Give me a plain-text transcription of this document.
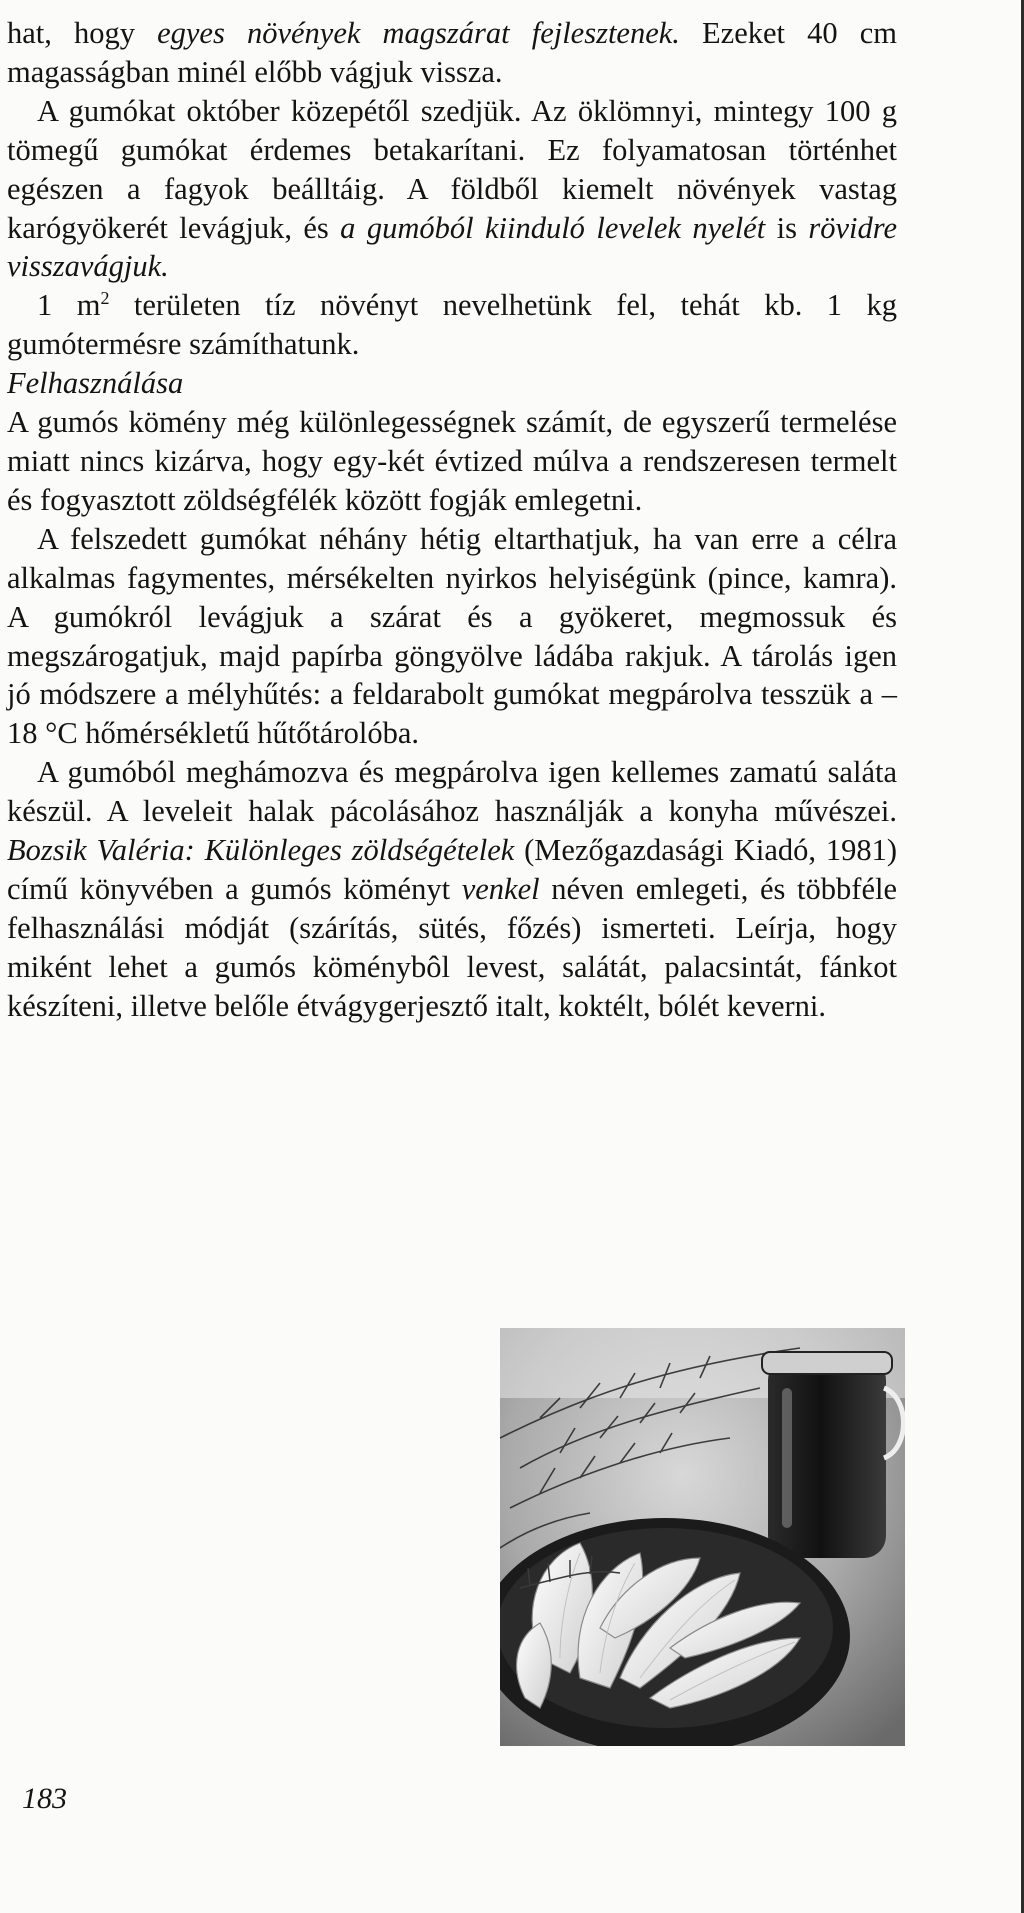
hat, hogy egyes növények magszárat fejlesztenek. Ezeket 40 cm magasságban minél előbb vágjuk vissza.

A gumókat október közepétől szedjük. Az öklömnyi, mintegy 100 g tömegű gumókat érdemes betakarítani. Ez folyamatosan történhet egészen a fagyok beálltáig. A földből kiemelt növények vastag karógyökerét levágjuk, és a gumóból kiinduló levelek nyelét is rövidre visszavágjuk.

1 $m^2$ területen tíz növényt nevelhetünk fel, tehát kb. 1 kg gumótermésre számíthatunk.

Felhasználása

A gumós kömény még különlegességnek számít, de egyszerű termelése miatt nincs kizárva, hogy egy-két évtized múlva a rendszeresen termelt és fogyasztott zöldségfélék között fogják emlegetni.

A felszedett gumókat néhány hétig eltarthatjuk, ha van erre a célra alkalmas fagymentes, mérsékelten nyirkos helyiségünk (pince, kamra). A gumókról levágjuk a szárat és a gyökeret, megmossuk és megszárogatjuk, majd papírba göngyölve ládába rakjuk. A tárolás igen jó módszere a mélyhűtés: a feldarabolt gumókat megpárolva tesszük a – 18 °C hőmérsékletű hűtőtárolóba.

A gumóból meghámozva és megpárolva igen kellemes zamatú saláta készül. A leveleit halak pácolásához használják a konyha művészei. Bozsik Valéria: Különleges zöldségételek (Mezőgazdasági Kiadó, 1981) című könyvében a gumós köményt venkel néven emlegeti, és többféle felhasználási módját (szárítás, sütés, főzés) ismerteti. Leírja, hogy miként lehet a gumós köménybôl levest, salátát, palacsintát, fánkot készíteni, illetve belőle étvágygerjesztő italt, koktélt, bólét keverni.

183
